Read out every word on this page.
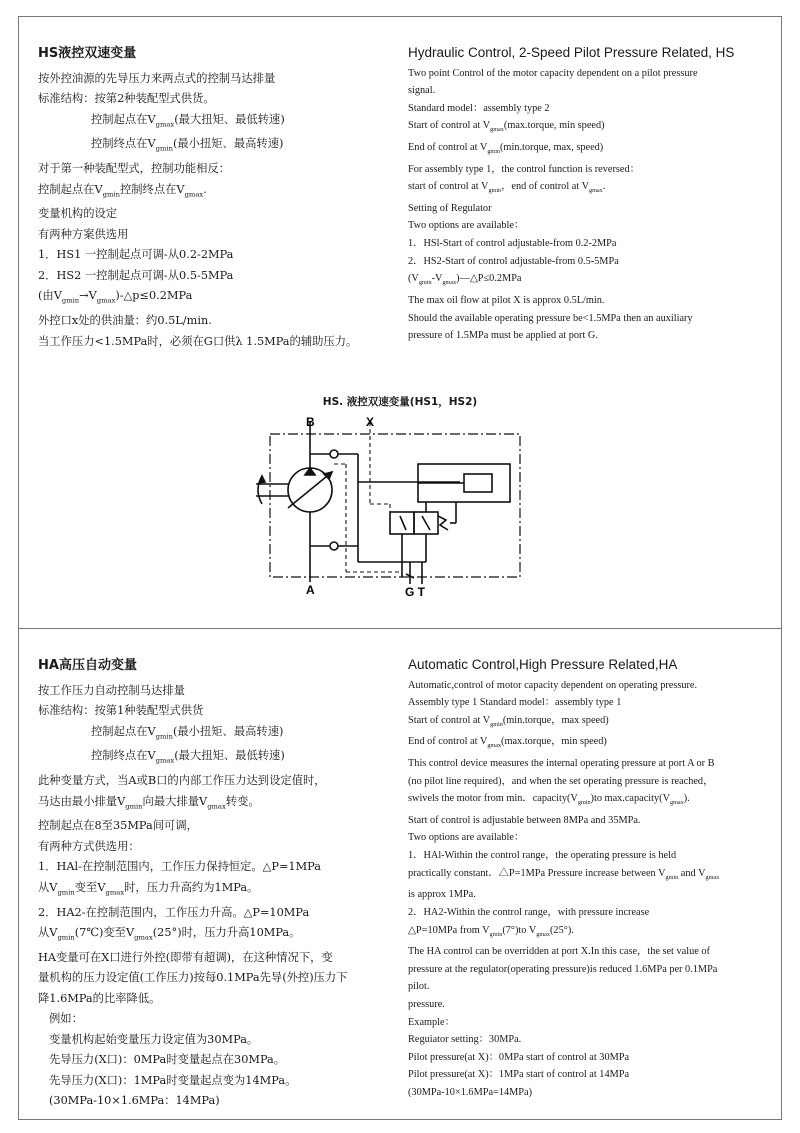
HS液控双速变量
按外控油源的先导压力来两点式的控制马达排量
标准结构：按第2种装配型式供货。
控制起点在$V_{gmax}$(最大扭矩、最低转速)
控制终点在$V_{gmin}$(最小扭矩、最高转速)
对于第一种装配型式，控制功能相反：
控制起点在$V_{gmin}$控制终点在$V_{gmax}$.
变量机构的设定
有两种方案供选用
1．HS1 一控制起点可调-从0.2-2MPa
2．HS2 一控制起点可调-从0.5-5MPa
(由$V_{gmin}\to V_{gmax})-\triangle p\le 0.2MPa$
外控口x处的供油量：约0.5L/min.
当工作压力<1.5MPa时，必须在G口供λ 1.5MPa的辅助压力。
Hydraulic Control, 2-Speed Pilot Pressure Related, HS
Two point Control of the motor capacity dependent on a pilot pressure
signal.
Standard model：assembly type 2
Start of control at $V_{gmax}(\max.torque$, min speed)
End of control at $V_{gmin}(\min.torque$, max, speed)
For assembly type 1，the control function is reversed：
start of control at $V_{gmin}$，end of control at $V_{gmax}$.
Setting of Regulator
Two options are available：
1．HSl-Start of control adjustable-from 0.2-2MPa
2．HS2-Start of control adjustable-from 0.5-5MPa
$(V_{gmin}-V_{gmax})—\triangle P\le 0.2MPa$
The max oil flow at pilot X is approx 0.5L/min.
Should the available operating pressure be<1.5MPa then an auxiliary
pressure of 1.5MPa must be applied at port G.
HS. 液控双速变量(HS1，HS2)
B	X
A	G T
HA高压自动变量
按工作压力自动控制马达排量
标准结构：按第1种装配型式供货
控制起点在$V_{gmin}$(最小扭矩、最高转速)
控制终点在$V_{gmax}$(最大扭矩、最低转速)
此种变量方式，当A或B口的内部工作压力达到设定值时，
马达由最小排量$V_{gmin}$向最大排量$V_{gmax}$转变。
控制起点在8至35MPa间可调，
有两种方式供选用：
1．HAl-在控制范围内，工作压力保持恒定。△P=1MPa
从$V_{gmin}$变至$V_{gmax}$时，压力升高约为1MPa。
2．HA2-在控制范围内，工作压力升高。△P=10MPa
从$V_{gmin}(7℃)$变至$V_{gmax}(25^\circ)$时，压力升高10MPa。
HA变量可在X口进行外控(即带有超调)，在这种情况下，变
量机构的压力设定值(工作压力)按每0.1MPa先导(外控)压力下
降1.6MPa的比率降低。
例如：
变量机构起始变量压力设定值为30MPa。
先导压力(X口)：0MPa时变量起点在30MPa。
先导压力(X口)：1MPa时变量起点变为14MPa。
(30MPa-10×1.6MPa：14MPa)
Automatic Control,High Pressure Related,HA
Automatic,control of motor capacity dependent on operating pressure.
Assembly type 1 Standard model：assembly type 1
Start of control at $V_{gmin}(\min.torque$，max speed)
End of control at $V_{gmax}(\max.torque$，min speed)
This control device measures the internal operating pressure at port A or B
(no pilot line required)，and when the set operating pressure is reached，
swivels the motor from min．$capacity(V_{gmin})to$ $\max.capacity(V_{gmax})$.
Start of control is adjustable between 8MPa and 35MPa.
Two options are available：
1．HAl-Within the control range，the operating pressure is held
practically constant．△P=1MPa Pressure increase between $V_{gmin}$ and $V_{gmax}$
is approx 1MPa.
2．HA2-Within the control range，with pressure increase
△P=10MPa from $V_{gmin}(7^\circ)to$ $V_{gmax}(25^\circ)$.
The HA control can be overridden at port X.In this case，the set value of
pressure at the regulator(operating pressure)is reduced 1.6MPa per 0.1MPa
pilot.
pressure.
Example：
Reguiator setting：30MPa.
Pilot pressure(at X)：0MPa start of control at 30MPa
Pilot pressure(at X)：1MPa start of control at 14MPa
(30MPa-10×1.6MPa=14MPa)
